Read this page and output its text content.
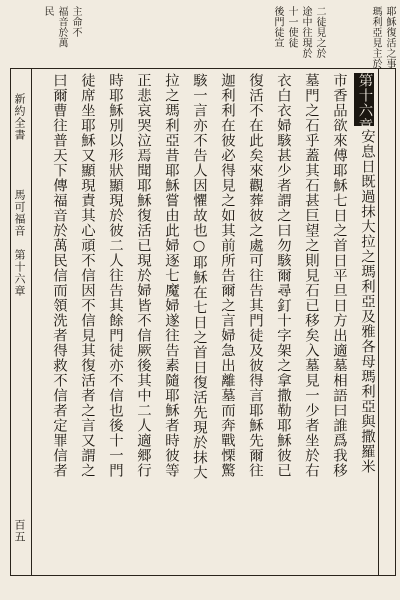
耶穌復活之事
瑪利亞見主於
二徒見之於
途中往現於
十一使徒
後門徒宣
主命不
福音於萬
民
第十六章
安息日既過抹大拉之瑪利亞及雅各母瑪利亞與撒羅米
市香品欲來傅耶穌七日之首日平旦日方出適墓相語曰誰爲我移
墓門之石乎蓋其石甚巨望之則見石已移矣入墓見一少者坐於右
衣白衣婦駭甚少者謂之曰勿駭爾尋釘十字架之拿撒勒耶穌彼已
復活不在此矣來觀葬彼之處可往告其門徒及彼得言耶穌先爾往
迦利利在彼必得見之如其前所告爾之言婦急出離墓而奔戰慄驚
駭一言亦不告人因懼故也○耶穌在七日之首日復活先現於抹大
拉之瑪利亞昔耶穌嘗由此婦逐七魔婦遂往告素隨耶穌者時彼等
正悲哀哭泣焉聞耶穌復活已現於婦皆不信厥後其中二人適郷行
時耶穌別以形狀顯現於彼二人往告其餘門徒亦不信也後十一門
徒席坐耶穌又顯現責其心頑不信因不信見其復活者之言又謂之
曰爾曹往普天下傳福音於萬民信而領洗者得救不信者定罪信者
新約全書
馬可福音　第十六章
百五
